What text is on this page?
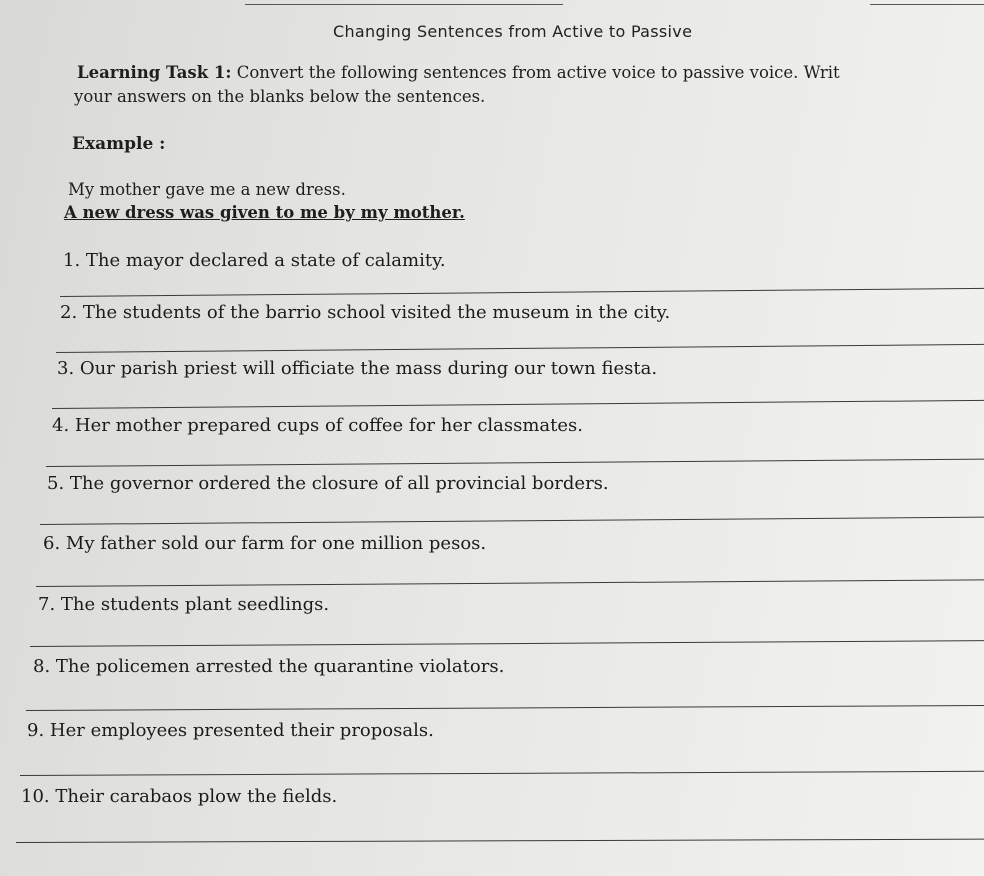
Changing Sentences from Active to Passive
Learning Task 1: Convert the following sentences from active voice to passive voice. Writ
your answers on the blanks below the sentences.
Example :
My mother gave me a new dress.
A new dress was given to me by my mother.
1. The mayor declared a state of calamity.
2. The students of the barrio school visited the museum in the city.
3. Our parish priest will officiate the mass during our town fiesta.
4. Her mother prepared cups of coffee for her classmates.
5. The governor ordered the closure of all provincial borders.
6. My father sold our farm for one million pesos.
7. The students plant seedlings.
8. The policemen arrested the quarantine violators.
9. Her employees presented their proposals.
10. Their carabaos plow the fields.
